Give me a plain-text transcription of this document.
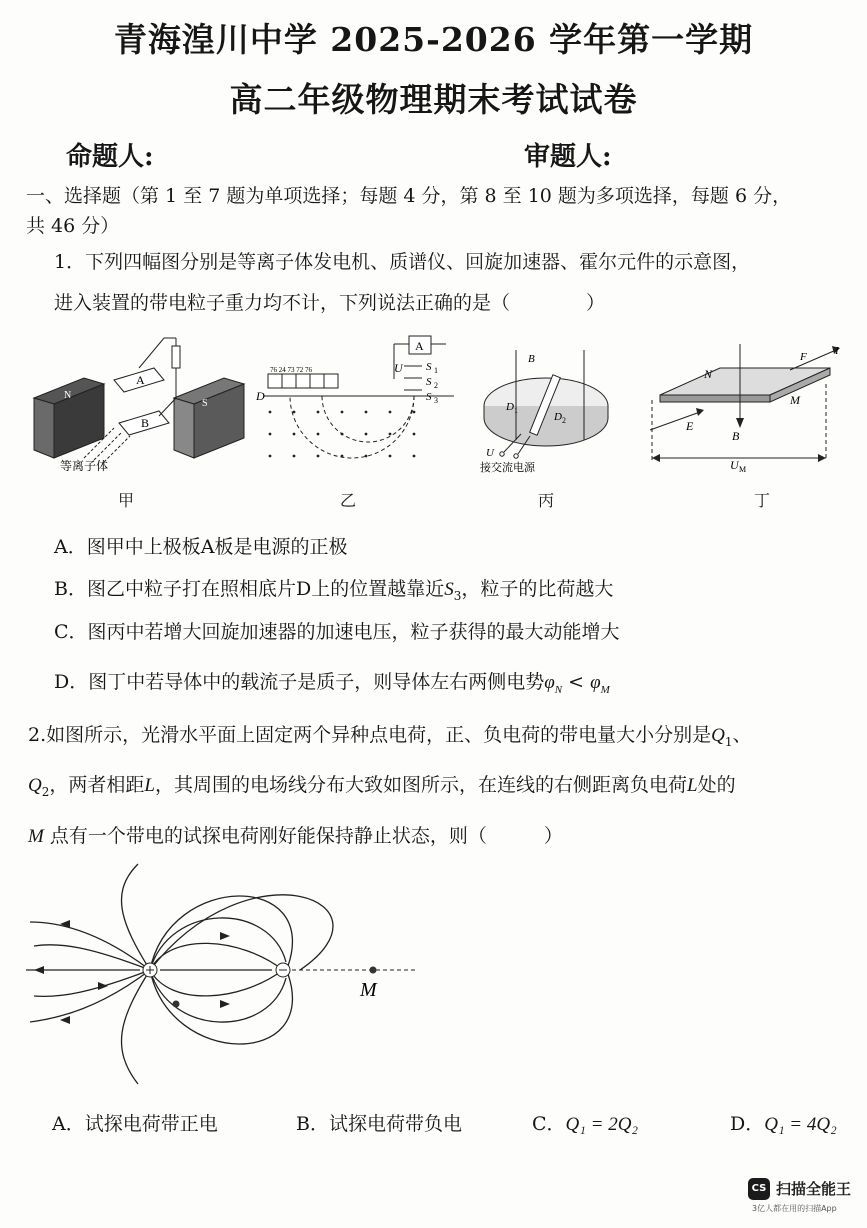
青海湟川中学 2025-2026 学年第一学期
高二年级物理期末考试试卷
命题人:	审题人:
一、选择题（第 1 至 7 题为单项选择；每题 4 分，第 8 至 10 题为多项选择，每题 6 分，
共 46 分）
1．下列四幅图分别是等离子体发电机、质谱仪、回旋加速器、霍尔元件的示意图，
进入装置的带电粒子重力均不计，下列说法正确的是（　　　　）
N
S
A
B
等离子体
甲
A
U S 1
S 2
S 3
76 24 73 72 76
D
乙
B
D 1
D 2
U
接交流电源
丙
B
N
M
F	I
E
U M
丁
A．图甲中上极板A板是电源的正极
B．图乙中粒子打在照相底片D上的位置越靠近$S_3$，粒子的比荷越大
C．图丙中若增大回旋加速器的加速电压，粒子获得的最大动能增大
D．图丁中若导体中的载流子是质子，则导体左右两侧电势$\varphi_N < \varphi_M$
2.如图所示，光滑水平面上固定两个异种点电荷，正、负电荷的带电量大小分别是$Q_1$、
$Q_2$，两者相距L，其周围的电场线分布大致如图所示，在连线的右侧距离负电荷L处的
M 点有一个带电的试探电荷刚好能保持静止状态，则（　　　）
M
A．试探电荷带正电	B．试探电荷带负电	C．Q₁ = 2Q₂	D．Q₁ = 4Q₂
CS 扫描全能王
3亿人都在用的扫描App
